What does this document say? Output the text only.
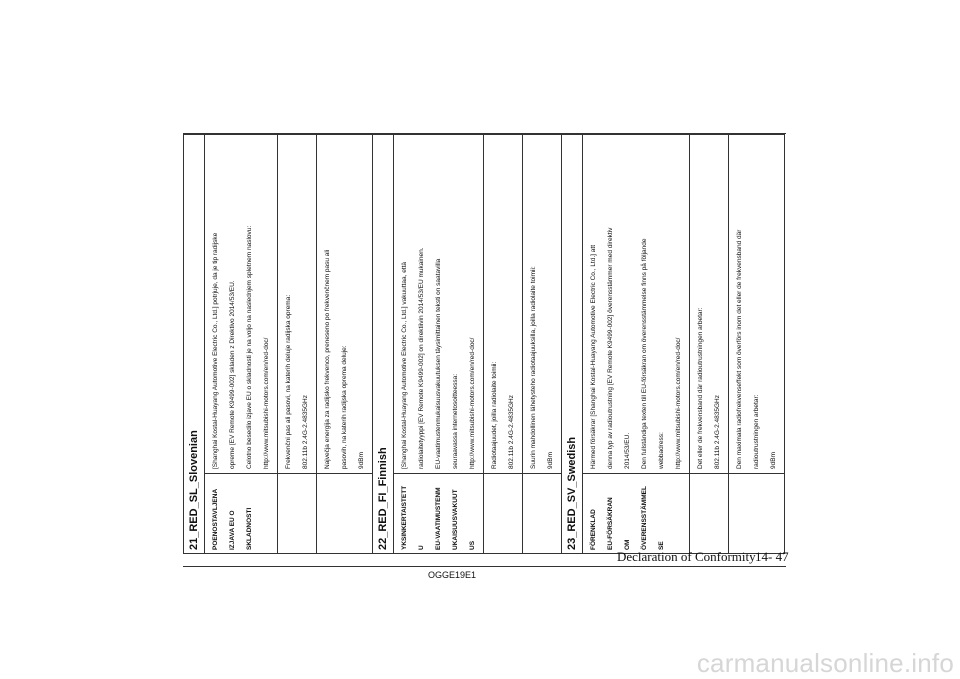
21_RED_SL_Slovenian	POENOSTAVLJENA	IZJAVA EU O	SKLADNOSTI
[Shanghai Kostal-Huayang Automotive Electric Co., Ltd.] potrjuje, da je tip radijske	opreme [EV Remote K9499-002] skladen z Direktivo 2014/53/EU.	Celotno besedilo izjave EU o skladnosti je na voljo na naslednjem spletnem naslovu:	http://www.mitsubishi-motors.com/en/red-doc/	Frekvenčni pas ali pasovi, na katerih deluje radijska oprema:	802.11b 2.4G-2.4835GHz	Največja energija za radijsko frekvenco, preneseno po frekvenčnem pasu ali	pasovih, na katerih radijska oprema deluje:	9dBm	22_RED_FI_Finnish	YKSINKERTAISTETT	U	EU-VAATIMUSTENM	UKAISUUSVAKUUT	US
[Shanghai Kostal-Huayang Automotive Electric Co., Ltd.] vakuuttaa, että	radiolaitetyyppi [EV Remote K9499-002] on direktiivin 2014/53/EU mukainen.	EU-vaatimustenmukaisuusvakuutuksen täysimittainen teksti on saatavilla	seuraavassa internetosoitteessa:	http://www.mitsubishi-motors.com/en/red-doc/	Radiotaajuudet, joilla radiolaite toimii:	802.11b 2.4G-2.4835GHz	Suurin mahdollinen lähetysteho radiotaajuuksilla, joilla radiolaite toimii:	9dBm	23_RED_SV_Swedish	FÖRENKLAD	EU-FÖRSÄKRAN	OM	ÖVERENSSTÄMMEL	SE
Härmed försäkrar [Shanghai Kostal-Huayang Automotive Electric Co., Ltd.] att	denna typ av radioutrustning [EV Remote K9499-002] överensstämmer med direktiv	2014/53/EU.	Den fullständiga texten till EU-försäkran om överensstämmelse finns på följande	webbadress:	http://www.mitsubishi-motors.com/en/red-doc/	Det eller de frekvensband där radioutrustningen arbetar:	802.11b 2.4G-2.4835GHz	Den maximala radiofrekvenseffekt som överförs inom det eller de frekvensband där	radioutrustningen arbetar:	9dBm
OGGE19E1
Declaration of Conformity 14- 47
carmanualsonline.info
